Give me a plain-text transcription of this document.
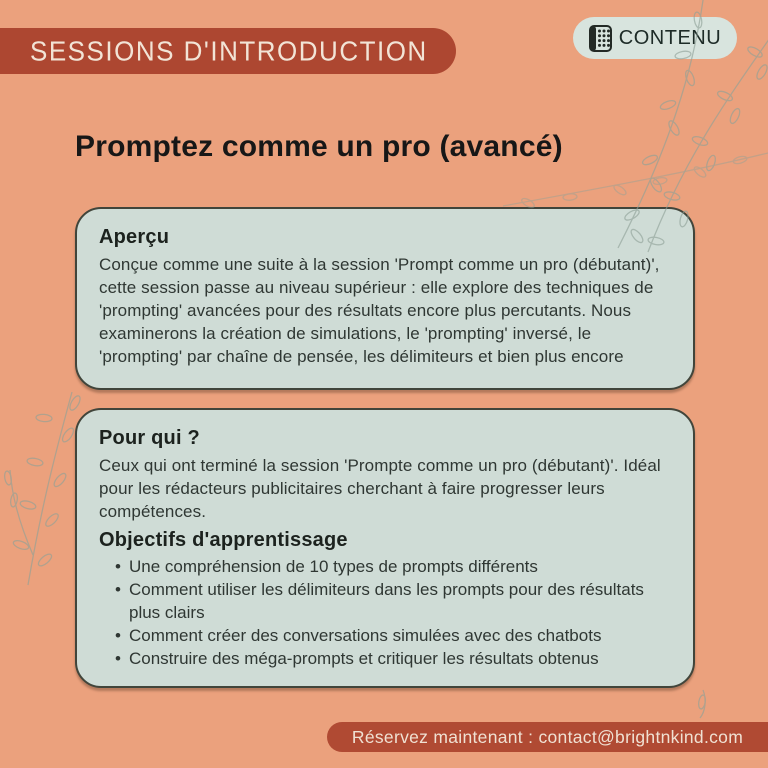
SESSIONS D'INTRODUCTION	CONTENU
Promptez comme un pro (avancé)
Aperçu

Conçue comme une suite à la session 'Prompt comme un pro (débutant)', cette session passe au niveau supérieur : elle explore des techniques de 'prompting' avancées pour des résultats encore plus percutants. Nous examinerons la création de simulations, le 'prompting' inversé, le 'prompting' par chaîne de pensée, les délimiteurs et bien plus encore

Pour qui ?

Ceux qui ont terminé la session 'Prompte comme un pro (débutant)'. Idéal pour les rédacteurs publicitaires cherchant à faire progresser leurs compétences.

Objectifs d'apprentissage
• Une compréhension de 10 types de prompts différents
• Comment utiliser les délimiteurs dans les prompts pour des résultats plus clairs
• Comment créer des conversations simulées avec des chatbots
• Construire des méga-prompts et critiquer les résultats obtenus
Réservez maintenant : contact@brightnkind.com
